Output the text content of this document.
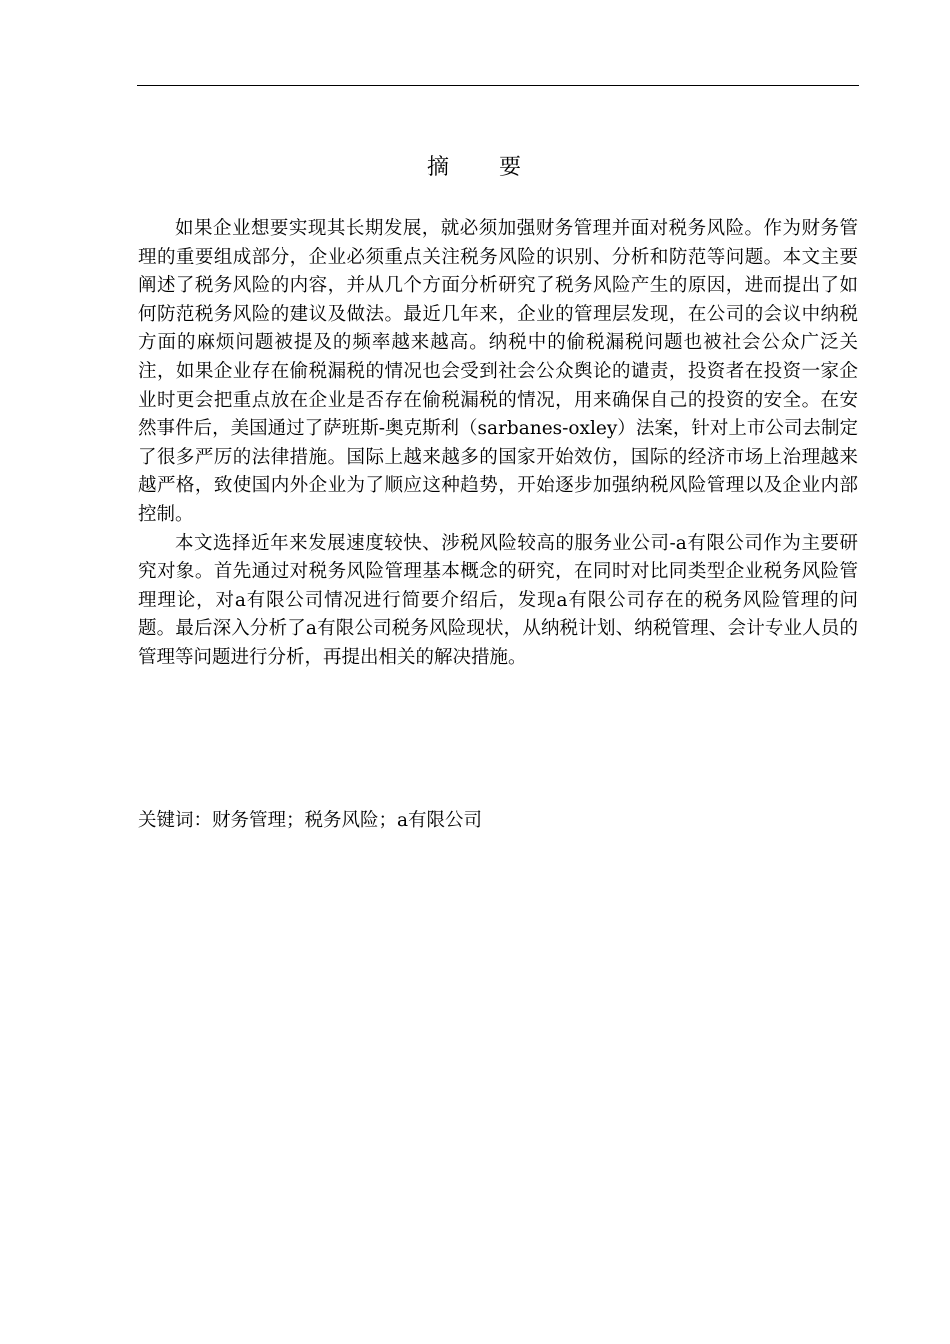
摘　　要

如果企业想要实现其长期发展，就必须加强财务管理并面对税务风险。作为财务管理的重要组成部分，企业必须重点关注税务风险的识别、分析和防范等问题。本文主要阐述了税务风险的内容，并从几个方面分析研究了税务风险产生的原因，进而提出了如何防范税务风险的建议及做法。最近几年来，企业的管理层发现，在公司的会议中纳税方面的麻烦问题被提及的频率越来越高。纳税中的偷税漏税问题也被社会公众广泛关注，如果企业存在偷税漏税的情况也会受到社会公众舆论的谴责，投资者在投资一家企业时更会把重点放在企业是否存在偷税漏税的情况，用来确保自己的投资的安全。在安然事件后，美国通过了萨班斯-奥克斯利（sarbanes-oxley）法案，针对上市公司去制定了很多严厉的法律措施。国际上越来越多的国家开始效仿，国际的经济市场上治理越来越严格，致使国内外企业为了顺应这种趋势，开始逐步加强纳税风险管理以及企业内部控制。

本文选择近年来发展速度较快、涉税风险较高的服务业公司-a有限公司作为主要研究对象。首先通过对税务风险管理基本概念的研究，在同时对比同类型企业税务风险管理理论，对a有限公司情况进行简要介绍后，发现a有限公司存在的税务风险管理的问题。最后深入分析了a有限公司税务风险现状，从纳税计划、纳税管理、会计专业人员的管理等问题进行分析，再提出相关的解决措施。

关键词：财务管理；税务风险；a有限公司
